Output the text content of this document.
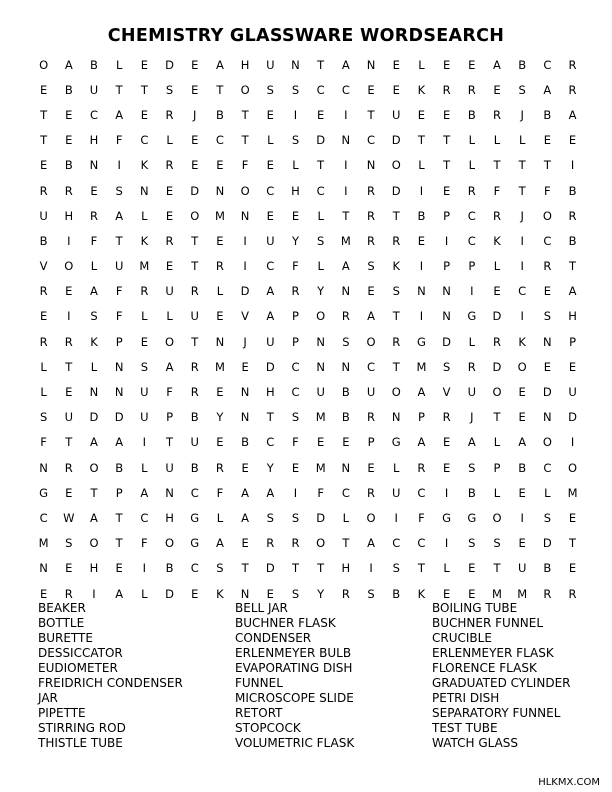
CHEMISTRY GLASSWARE WORDSEARCH
O	A	B	L	E	D	E	A	H	U	N	T	A	N	E	L	E	E	A	B	C	R
E	B	U	T	T	S	E	T	O	S	S	C	C	E	E	K	R	R	E	S	A	R
T	E	C	A	E	R	J	B	T	E	I	E	I	T	U	E	E	B	R	J	B	A
T	E	H	F	C	L	E	C	T	L	S	D	N	C	D	T	T	L	L	L	E	E
E	B	N	I	K	R	E	E	F	E	L	T	I	N	O	L	T	L	T	T	T	I
R	R	E	S	N	E	D	N	O	C	H	C	I	R	D	I	E	R	F	T	F	B
U	H	R	A	L	E	O	M	N	E	E	L	T	R	T	B	P	C	R	J	O	R
B	I	F	T	K	R	T	E	I	U	Y	S	M	R	R	E	I	C	K	I	C	B
V	O	L	U	M	E	T	R	I	C	F	L	A	S	K	I	P	P	L	I	R	T
R	E	A	F	R	U	R	L	D	A	R	Y	N	E	S	N	N	I	E	C	E	A
E	I	S	F	L	L	U	E	V	A	P	O	R	A	T	I	N	G	D	I	S	H
R	R	K	P	E	O	T	N	J	U	P	N	S	O	R	G	D	L	R	K	N	P
L	T	L	N	S	A	R	M	E	D	C	N	N	C	T	M	S	R	D	O	E	E
L	E	N	N	U	F	R	E	N	H	C	U	B	U	O	A	V	U	O	E	D	U
S	U	D	D	U	P	B	Y	N	T	S	M	B	R	N	P	R	J	T	E	N	D
F	T	A	A	I	T	U	E	B	C	F	E	E	P	G	A	E	A	L	A	O	I
N	R	O	B	L	U	B	R	E	Y	E	M	N	E	L	R	E	S	P	B	C	O
G	E	T	P	A	N	C	F	A	A	I	F	C	R	U	C	I	B	L	E	L	M
C	W	A	T	C	H	G	L	A	S	S	D	L	O	I	F	G	G	O	I	S	E
M	S	O	T	F	O	G	A	E	R	R	O	T	A	C	C	I	S	S	E	D	T
N	E	H	E	I	B	C	S	T	D	T	T	H	I	S	T	L	E	T	U	B	E
E	R	I	A	L	D	E	K	N	E	S	Y	R	S	B	K	E	E	M	M	R	R
BEAKER
BOTTLE
BURETTE
DESSICCATOR
EUDIOMETER
FREIDRICH CONDENSER
JAR
PIPETTE
STIRRING ROD
THISTLE TUBE
BELL JAR
BUCHNER FLASK
CONDENSER
ERLENMEYER BULB
EVAPORATING DISH
FUNNEL
MICROSCOPE SLIDE
RETORT
STOPCOCK
VOLUMETRIC FLASK
BOILING TUBE
BUCHNER FUNNEL
CRUCIBLE
ERLENMEYER FLASK
FLORENCE FLASK
GRADUATED CYLINDER
PETRI DISH
SEPARATORY FUNNEL
TEST TUBE
WATCH GLASS
HLKMX.COM
